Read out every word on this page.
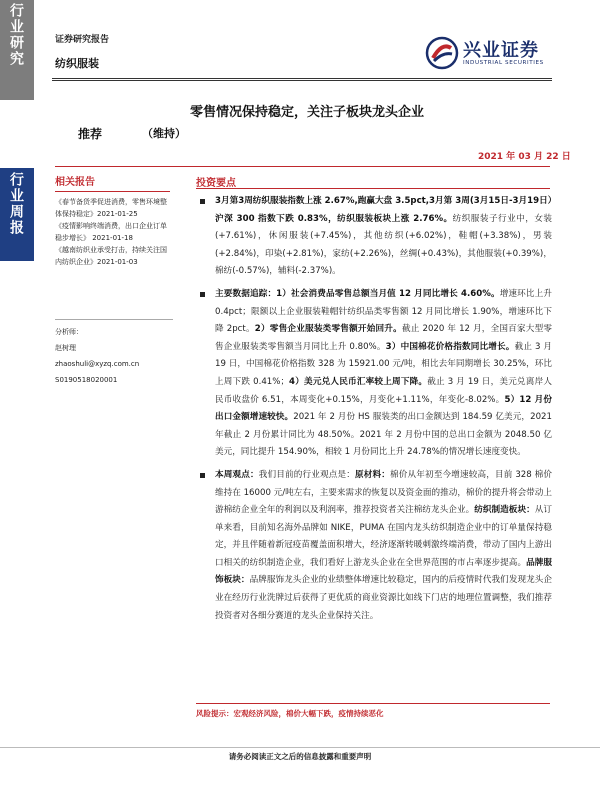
行业研究
行业周报
证券研究报告
纺织服装
兴业证券
INDUSTRIAL SECURITIES
零售情况保持稳定，关注子板块龙头企业
推荐	（维持）
2021 年 03 月 22 日
相关报告
《春节备货季促进消费，零售环境整体保持稳定》2021-01-25
《疫情影响终端消费，出口企业订单稳步增长》 2021-01-18
《越南纺织业承受打击，持续关注国内纺织企业》2021-01-03
分析师：
赵树理
zhaoshuli@xyzq.com.cn
S0190518020001
投资要点
3月第3周纺织服装指数上涨 2.67%,跑赢大盘 3.5pct,3月第 3周(3月15日-3月19日）沪深 300 指数下跌 0.83%，纺织服装板块上涨 2.76%。纺织服装子行业中，女装(+7.61%)，休闲服装(+7.45%)，其他纺织(+6.02%)，鞋帽(+3.38%)，男装(+2.84%)，印染(+2.81%)，家纺(+2.26%)，丝绸(+0.43%)，其他服装(+0.39%)，棉纺(-0.57%)，辅料(-2.37%)。
主要数据追踪：1）社会消费品零售总额当月值 12 月同比增长 4.60%。增速环比上升 0.4pct；限额以上企业服装鞋帽针纺织品类零售额 12 月同比增长 1.90%，增速环比下降 2pct。2）零售企业服装类零售额开始回升。截止 2020 年 12 月，全国百家大型零售企业服装类零售额当月同比上升 0.80%。3）中国棉花价格指数同比增长。截止 3 月 19 日，中国棉花价格指数 328 为 15921.00 元/吨，相比去年同期增长 30.25%，环比上周下跌 0.41%；4）美元兑人民币汇率较上周下降。截止 3 月 19 日，美元兑离岸人民币收盘价 6.51，本周变化+0.15%，月变化+1.11%，年变化-8.02%。5）12 月份出口金额增速较快。2021 年 2 月份 HS 服装类的出口金额达到 184.59 亿美元，2021 年截止 2 月份累计同比为 48.50%。2021 年 2 月份中国的总出口金额为 2048.50 亿美元，同比提升 154.90%，相较 1 月份同比上升 24.78%的情况增长速度变快。
本周观点：我们目前的行业观点是：原材料：棉价从年初至今增速较高，目前 328 棉价维持在 16000 元/吨左右，主要来需求的恢复以及资金面的推动，棉价的提升将会带动上游棉纺企业全年的利润以及利润率，推荐投资者关注棉纺龙头企业。纺织制造板块：从订单来看，目前知名海外品牌如 NIKE，PUMA 在国内龙头纺织制造企业中的订单量保持稳定，并且伴随着新冠疫苗覆盖面积增大，经济逐渐转暖刺激终端消费，带动了国内上游出口相关的纺织制造企业，我们看好上游龙头企业在全世界范围的市占率逐步提高。品牌服饰板块：品牌服饰龙头企业的业绩整体增速比较稳定，国内的后疫情时代我们发现龙头企业在经历行业洗牌过后获得了更优质的商业资源比如线下门店的地理位置调整，我们推荐投资者对各细分赛道的龙头企业保持关注。
风险提示：宏观经济风险，棉价大幅下跌，疫情持续恶化
请务必阅读正文之后的信息披露和重要声明
